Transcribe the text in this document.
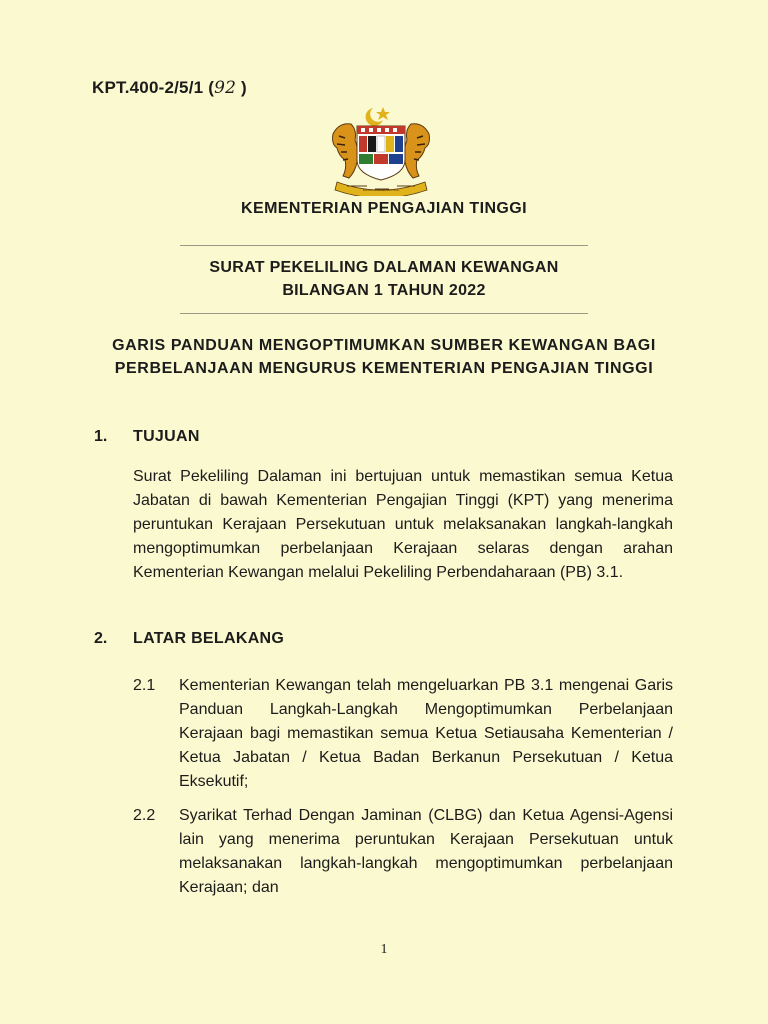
KPT.400-2/5/1 (92 )
Bersekutu Bertambah Mutu
KEMENTERIAN PENGAJIAN TINGGI
SURAT PEKELILING DALAMAN KEWANGAN
BILANGAN 1 TAHUN 2022
GARIS PANDUAN MENGOPTIMUMKAN SUMBER KEWANGAN BAGI
PERBELANJAAN MENGURUS KEMENTERIAN PENGAJIAN TINGGI
1. TUJUAN
Surat Pekeliling Dalaman ini bertujuan untuk memastikan semua Ketua Jabatan di bawah Kementerian Pengajian Tinggi (KPT) yang menerima peruntukan Kerajaan Persekutuan untuk melaksanakan langkah-langkah mengoptimumkan perbelanjaan Kerajaan selaras dengan arahan Kementerian Kewangan melalui Pekeliling Perbendaharaan (PB) 3.1.
2. LATAR BELAKANG
2.1 Kementerian Kewangan telah mengeluarkan PB 3.1 mengenai Garis Panduan Langkah-Langkah Mengoptimumkan Perbelanjaan Kerajaan bagi memastikan semua Ketua Setiausaha Kementerian / Ketua Jabatan / Ketua Badan Berkanun Persekutuan / Ketua Eksekutif;
2.2 Syarikat Terhad Dengan Jaminan (CLBG) dan Ketua Agensi-Agensi lain yang menerima peruntukan Kerajaan Persekutuan untuk melaksanakan langkah-langkah mengoptimumkan perbelanjaan Kerajaan; dan
1
